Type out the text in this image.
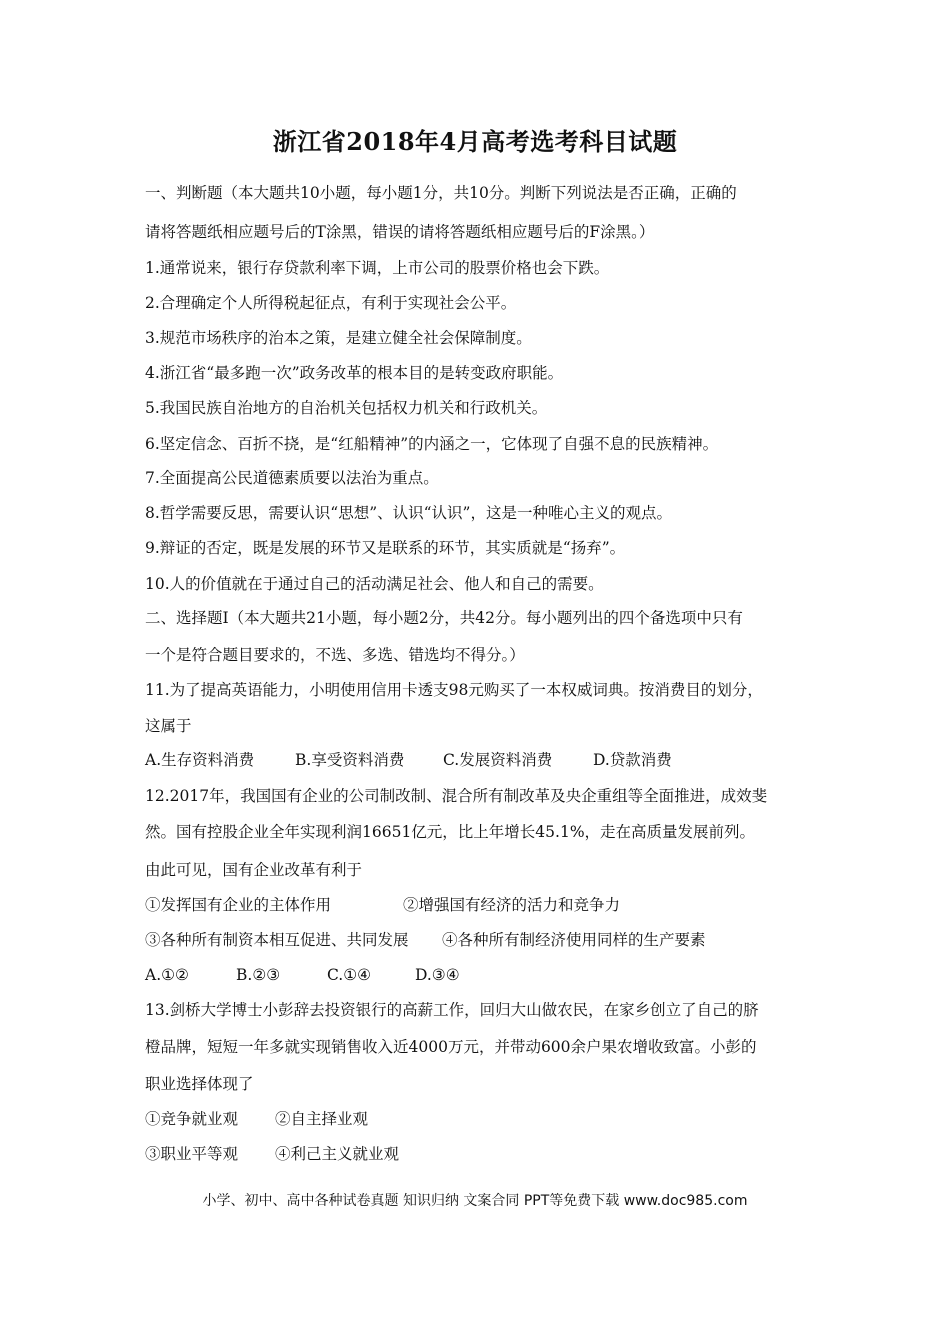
浙江省2018年4月高考选考科目试题
一、判断题（本大题共10小题，每小题1分，共10分。判断下列说法是否正确，正确的
请将答题纸相应题号后的T涂黑，错误的请将答题纸相应题号后的F涂黑。）
1.通常说来，银行存贷款利率下调，上市公司的股票价格也会下跌。
2.合理确定个人所得税起征点，有利于实现社会公平。
3.规范市场秩序的治本之策，是建立健全社会保障制度。
4.浙江省“最多跑一次”政务改革的根本目的是转变政府职能。
5.我国民族自治地方的自治机关包括权力机关和行政机关。
6.坚定信念、百折不挠，是“红船精神”的内涵之一，它体现了自强不息的民族精神。
7.全面提高公民道德素质要以法治为重点。
8.哲学需要反思，需要认识“思想”、认识“认识”，这是一种唯心主义的观点。
9.辩证的否定，既是发展的环节又是联系的环节，其实质就是“扬弃”。
10.人的价值就在于通过自己的活动满足社会、他人和自己的需要。
二、选择题Ⅰ（本大题共21小题，每小题2分，共42分。每小题列出的四个备选项中只有
一个是符合题目要求的，不选、多选、错选均不得分。）
11.为了提高英语能力，小明使用信用卡透支98元购买了一本权威词典。按消费目的划分，
这属于
A.生存资料消费	B.享受资料消费 C.发展资料消费	D.贷款消费
12.2017年，我国国有企业的公司制改制、混合所有制改革及央企重组等全面推进，成效斐
然。国有控股企业全年实现利润16651亿元，比上年增长45.1%，走在高质量发展前列。
由此可见，国有企业改革有利于
①发挥国有企业的主体作用	②增强国有经济的活力和竞争力
③各种所有制资本相互促进、共同发展 ④各种所有制经济使用同样的生产要素
A.①②	B.②③	C.①④	D.③④
13.剑桥大学博士小彭辞去投资银行的高薪工作，回归大山做农民，在家乡创立了自己的脐
橙品牌，短短一年多就实现销售收入近4000万元，并带动600余户果农增收致富。小彭的
职业选择体现了
①竞争就业观 ②自主择业观
③职业平等观 ④利己主义就业观
小学、初中、高中各种试卷真题 知识归纳 文案合同 PPT等免费下载 www.doc985.com
